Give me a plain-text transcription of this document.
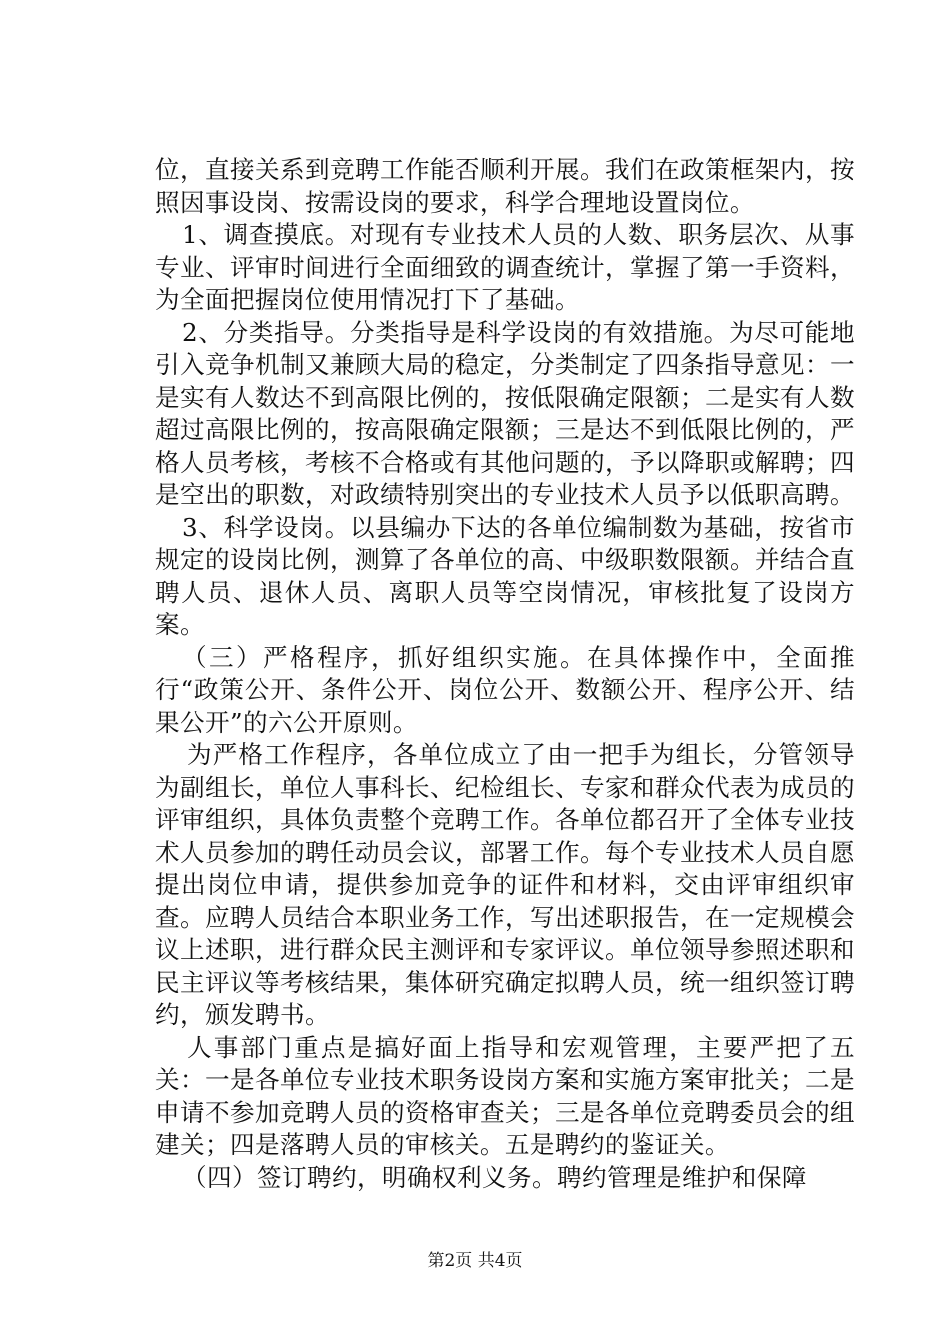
位，直接关系到竞聘工作能否顺利开展。我们在政策框架内，按照因事设岗、按需设岗的要求，科学合理地设置岗位。

1、调查摸底。对现有专业技术人员的人数、职务层次、从事专业、评审时间进行全面细致的调查统计，掌握了第一手资料，为全面把握岗位使用情况打下了基础。

2、分类指导。分类指导是科学设岗的有效措施。为尽可能地引入竞争机制又兼顾大局的稳定，分类制定了四条指导意见：一是实有人数达不到高限比例的，按低限确定限额；二是实有人数超过高限比例的，按高限确定限额；三是达不到低限比例的，严格人员考核，考核不合格或有其他问题的，予以降职或解聘；四是空出的职数，对政绩特别突出的专业技术人员予以低职高聘。

3、科学设岗。以县编办下达的各单位编制数为基础，按省市规定的设岗比例，测算了各单位的高、中级职数限额。并结合直聘人员、退休人员、离职人员等空岗情况，审核批复了设岗方案。

（三）严格程序，抓好组织实施。在具体操作中，全面推行“政策公开、条件公开、岗位公开、数额公开、程序公开、结果公开”的六公开原则。

为严格工作程序，各单位成立了由一把手为组长，分管领导为副组长，单位人事科长、纪检组长、专家和群众代表为成员的评审组织，具体负责整个竞聘工作。各单位都召开了全体专业技术人员参加的聘任动员会议，部署工作。每个专业技术人员自愿提出岗位申请，提供参加竞争的证件和材料，交由评审组织审查。应聘人员结合本职业务工作，写出述职报告，在一定规模会议上述职，进行群众民主测评和专家评议。单位领导参照述职和民主评议等考核结果，集体研究确定拟聘人员，统一组织签订聘约，颁发聘书。

人事部门重点是搞好面上指导和宏观管理，主要严把了五关：一是各单位专业技术职务设岗方案和实施方案审批关；二是申请不参加竞聘人员的资格审查关；三是各单位竞聘委员会的组建关；四是落聘人员的审核关。五是聘约的鉴证关。

（四）签订聘约，明确权利义务。聘约管理是维护和保障

第2页 共4页
